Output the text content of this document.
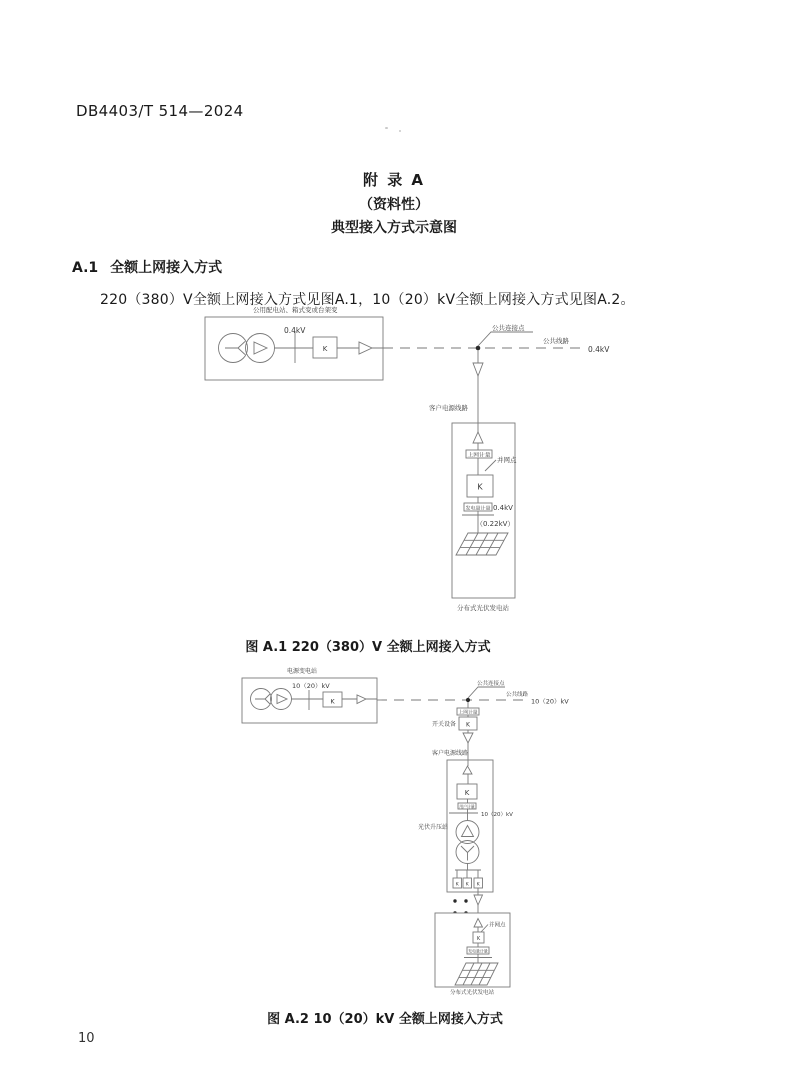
DB4403/T 514—2024
附 录 A
（资料性）
典型接入方式示意图
A.1 全额上网接入方式
220（380）V全额上网接入方式见图A.1，10（20）kV全额上网接入方式见图A.2。
公用配电站、箱式变或台架变
0.4kV
K
公共连接点
公共线路
0.4kV
客户电源线路
上网计量
并网点
K
发电量计量 0.4kV
（0.22kV）
分布式光伏发电站
图 A.1 220（380）V 全额上网接入方式
电源变电站
10（20）kV
K
公共连接点
公共线路
10（20）kV
上网计量
K
开关设备
客户电源线路
光伏升压站
K
用户计量
10（20）kV
K K K
并网点
K
发电量计量
分布式光伏发电站
图 A.2 10（20）kV 全额上网接入方式
10
